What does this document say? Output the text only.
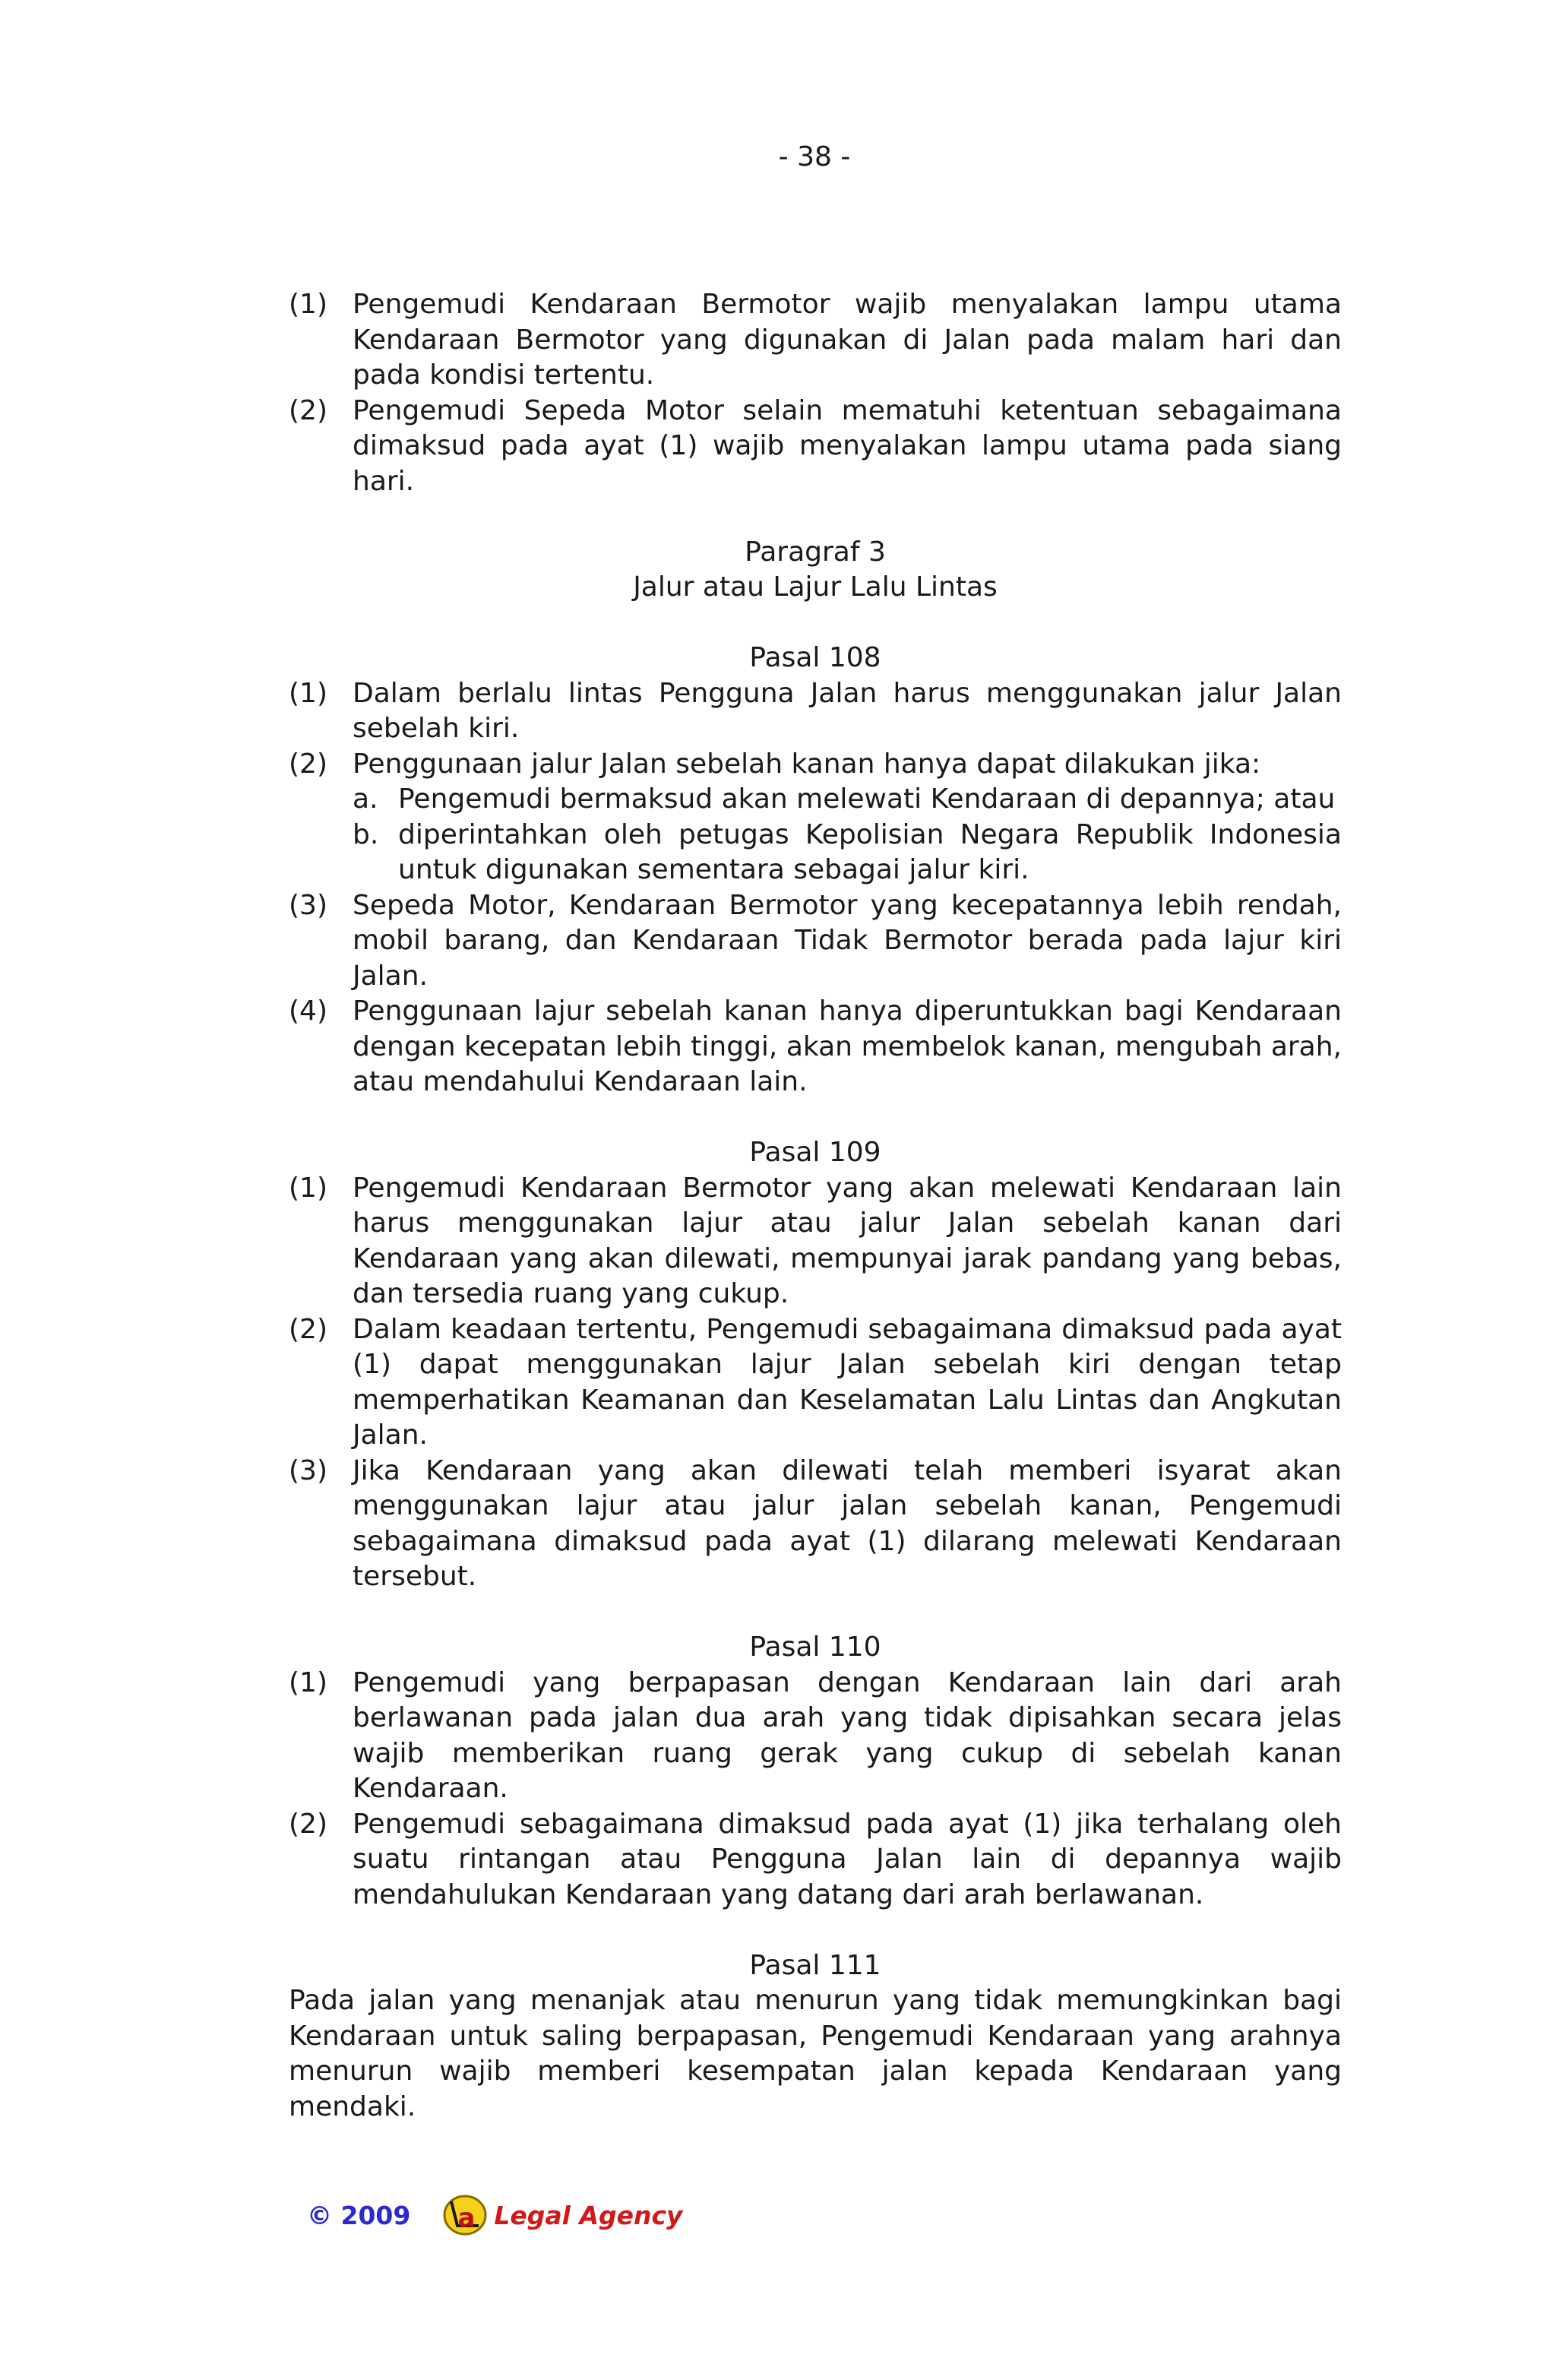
- 38 -
(1) Pengemudi Kendaraan Bermotor wajib menyalakan lampu utama Kendaraan Bermotor yang digunakan di Jalan pada malam hari dan pada kondisi tertentu.
(2) Pengemudi Sepeda Motor selain mematuhi ketentuan sebagaimana dimaksud pada ayat (1) wajib menyalakan lampu utama pada siang hari.
Paragraf 3
Jalur atau Lajur Lalu Lintas
Pasal 108
(1) Dalam berlalu lintas Pengguna Jalan harus menggunakan jalur Jalan sebelah kiri.
(2) Penggunaan jalur Jalan sebelah kanan hanya dapat dilakukan jika:
a. Pengemudi bermaksud akan melewati Kendaraan di depannya; atau
b. diperintahkan oleh petugas Kepolisian Negara Republik Indonesia untuk digunakan sementara sebagai jalur kiri.
(3) Sepeda Motor, Kendaraan Bermotor yang kecepatannya lebih rendah, mobil barang, dan Kendaraan Tidak Bermotor berada pada lajur kiri Jalan.
(4) Penggunaan lajur sebelah kanan hanya diperuntukkan bagi Kendaraan dengan kecepatan lebih tinggi, akan membelok kanan, mengubah arah, atau mendahului Kendaraan lain.
Pasal 109
(1) Pengemudi Kendaraan Bermotor yang akan melewati Kendaraan lain harus menggunakan lajur atau jalur Jalan sebelah kanan dari Kendaraan yang akan dilewati, mempunyai jarak pandang yang bebas, dan tersedia ruang yang cukup.
(2) Dalam keadaan tertentu, Pengemudi sebagaimana dimaksud pada ayat (1) dapat menggunakan lajur Jalan sebelah kiri dengan tetap memperhatikan Keamanan dan Keselamatan Lalu Lintas dan Angkutan Jalan.
(3) Jika Kendaraan yang akan dilewati telah memberi isyarat akan menggunakan lajur atau jalur jalan sebelah kanan, Pengemudi sebagaimana dimaksud pada ayat (1) dilarang melewati Kendaraan tersebut.
Pasal 110
(1) Pengemudi yang berpapasan dengan Kendaraan lain dari arah berlawanan pada jalan dua arah yang tidak dipisahkan secara jelas wajib memberikan ruang gerak yang cukup di sebelah kanan Kendaraan.
(2) Pengemudi sebagaimana dimaksud pada ayat (1) jika terhalang oleh suatu rintangan atau Pengguna Jalan lain di depannya wajib mendahulukan Kendaraan yang datang dari arah berlawanan.
Pasal 111
Pada jalan yang menanjak atau menurun yang tidak memungkinkan bagi Kendaraan untuk saling berpapasan, Pengemudi Kendaraan yang arahnya menurun wajib memberi kesempatan jalan kepada Kendaraan yang mendaki.
© 2009 a Legal Agency
